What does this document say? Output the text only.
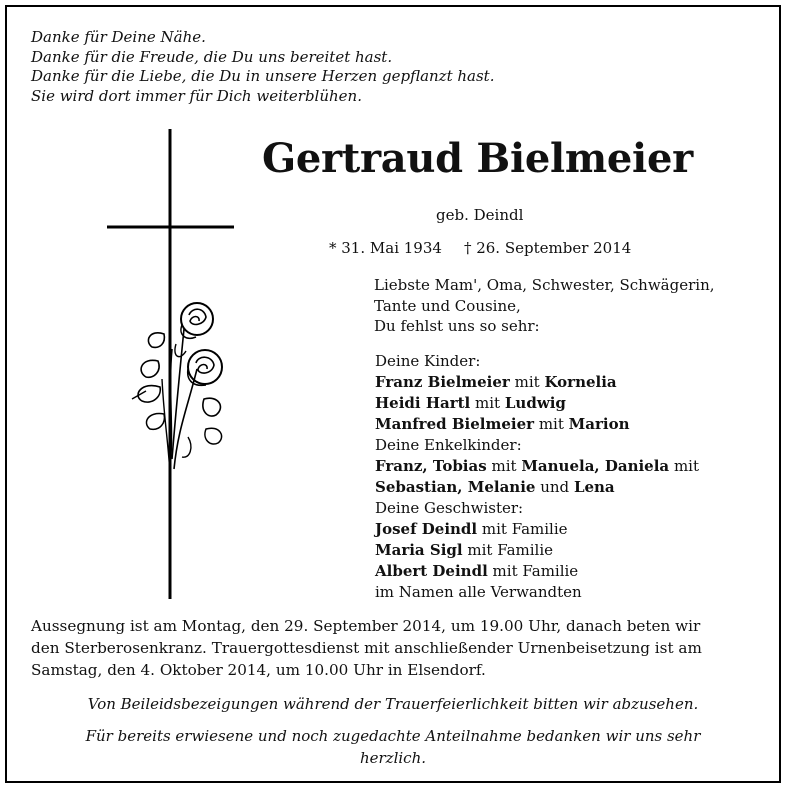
Danke für Deine Nähe.
Danke für die Freude, die Du uns bereitet hast.
Danke für die Liebe, die Du in unsere Herzen gepflanzt hast.
Sie wird dort immer für Dich weiterblühen.
Gertraud Bielmeier
geb. Deindl
* 31. Mai 1934 † 26. September 2014
Liebste Mam', Oma, Schwester, Schwägerin,
Tante und Cousine,
Du fehlst uns so sehr:
Deine Kinder:
Franz Bielmeier mit Kornelia
Heidi Hartl mit Ludwig
Manfred Bielmeier mit Marion
Deine Enkelkinder:
Franz, Tobias mit Manuela, Daniela mit
Sebastian, Melanie und Lena
Deine Geschwister:
Josef Deindl mit Familie
Maria Sigl mit Familie
Albert Deindl mit Familie
im Namen alle Verwandten
Aussegnung ist am Montag, den 29. September 2014, um 19.00 Uhr, danach beten wir
den Sterberosenkranz. Trauergottesdienst mit anschließender Urnenbeisetzung ist am
Samstag, den 4. Oktober 2014, um 10.00 Uhr in Elsendorf.
Von Beileidsbezeigungen während der Trauerfeierlichkeit bitten wir abzusehen.
Für bereits erwiesene und noch zugedachte Anteilnahme bedanken wir uns sehr
herzlich.
